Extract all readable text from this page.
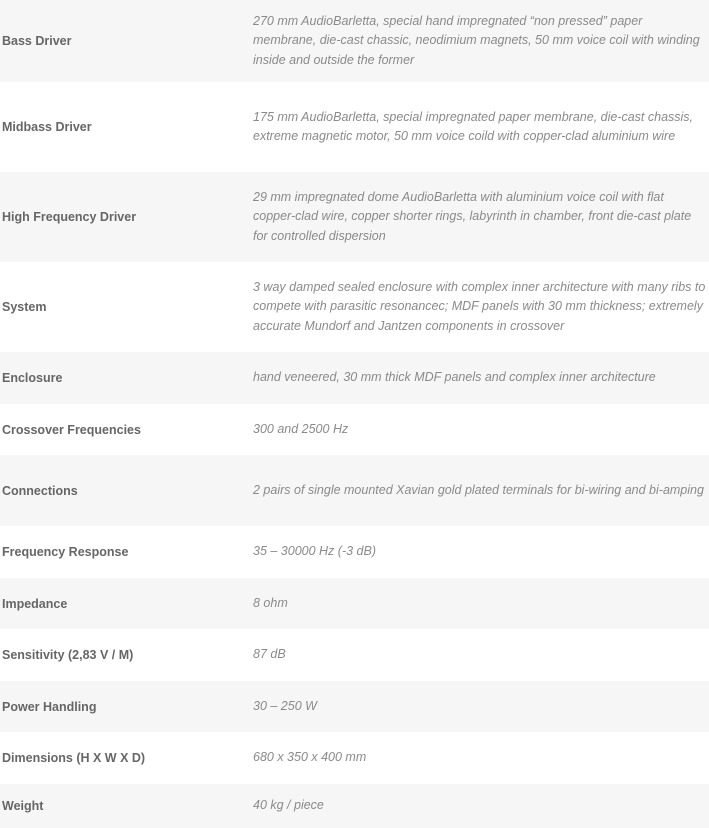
Bass Driver	270 mm AudioBarletta, special hand impregnated “non pressed” paper membrane, die-cast chassic, neodimium magnets, 50 mm voice coil with winding inside and outside the former
Midbass Driver	175 mm AudioBarletta, special impregnated paper membrane, die-cast chassis, extreme magnetic motor, 50 mm voice coild with copper-clad aluminium wire
High Frequency Driver	29 mm impregnated dome AudioBarletta with aluminium voice coil with flat copper-clad wire, copper shorter rings, labyrinth in chamber, front die-cast plate for controlled dispersion
System	3 way damped sealed enclosure with complex inner architecture with many ribs to compete with parasitic resonanceс; MDF panels with 30 mm thickness; extremely accurate Mundorf and Jantzen components in crossover
Enclosure	hand veneered, 30 mm thick MDF panels and complex inner architecture
Crossover Frequencies	300 and 2500 Hz
Connections	2 pairs of single mounted Xavian gold plated terminals for bi-wiring and bi-amping
Frequency Response	35 – 30000 Hz (-3 dB)
Impedance	8 ohm
Sensitivity (2,83 V / M)	87 dB
Power Handling	30 – 250 W
Dimensions (H X W X D)	680 x 350 x 400 mm
Weight	40 kg / piece
